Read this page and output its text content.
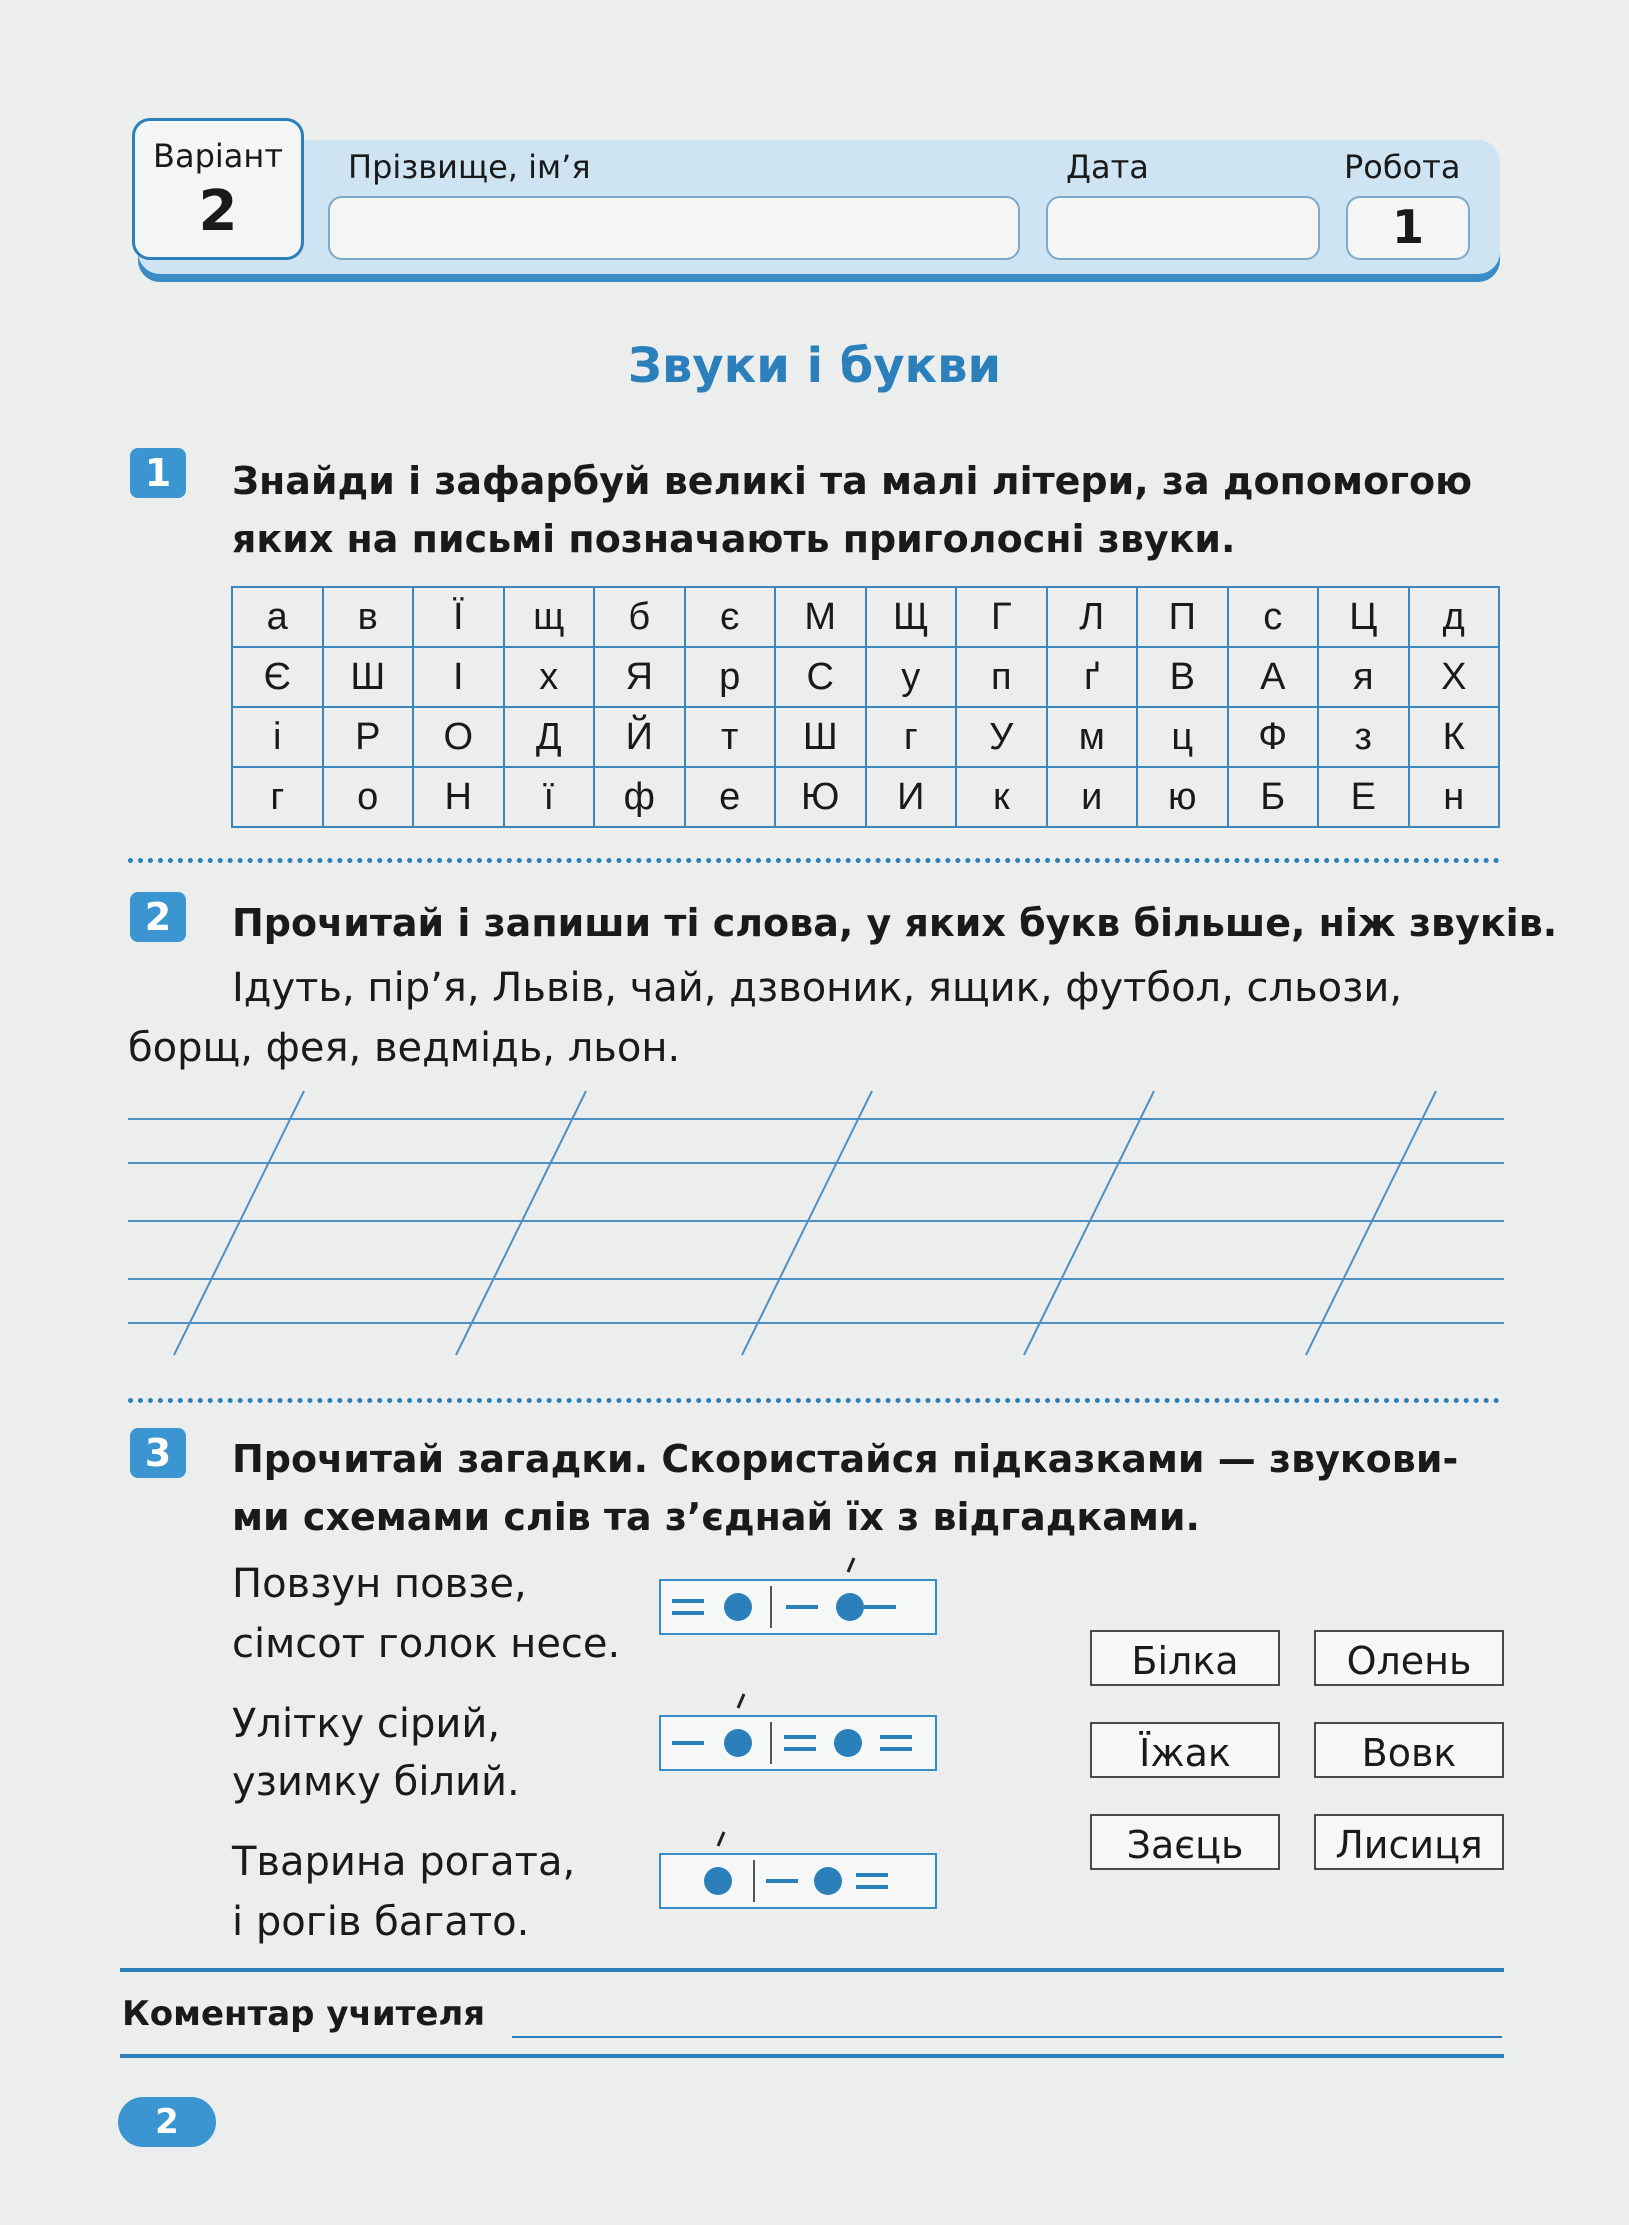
Варіант
2
Прізвище, ім’я	Дата	Робота
1
Звуки і букви
1	Знайди і зафарбуй великі та малі літери, за допомогою
яких на письмі позначають приголосні звуки.
а	в	Ї	щ	б	є	М	Щ	Г	Л	П	с	Ц	д
Є	Ш	І	х	Я	р	С	у	п	ґ	В	А	я	Х
і	Р	О	Д	Й	т	Ш	г	У	м	ц	Ф	з	К
г	о	Н	ї	ф	е	Ю	И	к	и	ю	Б	Е	н
2	Прочитай і запиши ті слова, у яких букв більше, ніж звуків.
Ідуть, пір’я, Львів, чай, дзвоник, ящик, футбол, сльози,
борщ, фея, ведмідь, льон.
3	Прочитай загадки. Скористайся підказками — звукови-
ми схемами слів та з’єднай їх з відгадками.
Повзун повзе,
сімсот голок несе.
Улітку сірий,
узимку білий.
Тварина рогата,
і рогів багато.
Білка	Олень
Їжак	Вовк
Заєць	Лисиця
Коментар учителя
2
